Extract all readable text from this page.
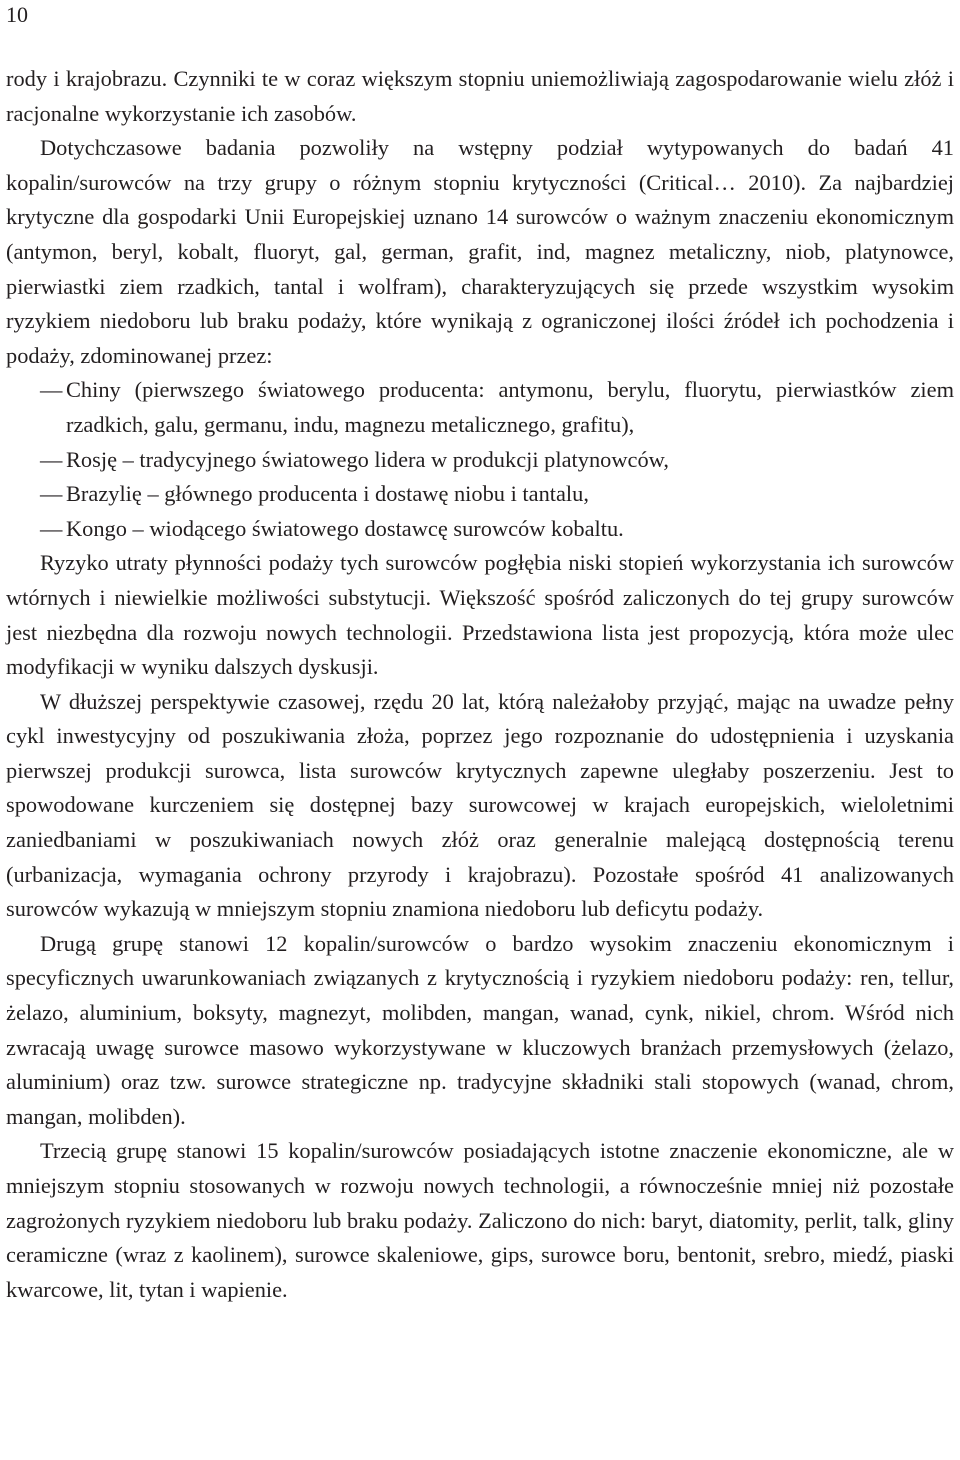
10

rody i krajobrazu. Czynniki te w coraz większym stopniu uniemożliwiają zagospodarowanie wielu złóż i racjonalne wykorzystanie ich zasobów.

Dotychczasowe badania pozwoliły na wstępny podział wytypowanych do badań 41 kopalin/surowców na trzy grupy o różnym stopniu krytyczności (Critical… 2010). Za najbardziej krytyczne dla gospodarki Unii Europejskiej uznano 14 surowców o ważnym znaczeniu ekonomicznym (antymon, beryl, kobalt, fluoryt, gal, german, grafit, ind, magnez metaliczny, niob, platynowce, pierwiastki ziem rzadkich, tantal i wolfram), charakteryzujących się przede wszystkim wysokim ryzykiem niedoboru lub braku podaży, które wynikają z ograniczonej ilości źródeł ich pochodzenia i podaży, zdominowanej przez:

— Chiny (pierwszego światowego producenta: antymonu, berylu, fluorytu, pierwiastków ziem rzadkich, galu, germanu, indu, magnezu metalicznego, grafitu),
— Rosję – tradycyjnego światowego lidera w produkcji platynowców,
— Brazylię – głównego producenta i dostawę niobu i tantalu,
— Kongo – wiodącego światowego dostawcę surowców kobaltu.

Ryzyko utraty płynności podaży tych surowców pogłębia niski stopień wykorzystania ich surowców wtórnych i niewielkie możliwości substytucji. Większość spośród zaliczonych do tej grupy surowców jest niezbędna dla rozwoju nowych technologii. Przedstawiona lista jest propozycją, która może ulec modyfikacji w wyniku dalszych dyskusji.

W dłuższej perspektywie czasowej, rzędu 20 lat, którą należałoby przyjąć, mając na uwadze pełny cykl inwestycyjny od poszukiwania złoża, poprzez jego rozpoznanie do udostępnienia i uzyskania pierwszej produkcji surowca, lista surowców krytycznych zapewne uległaby poszerzeniu. Jest to spowodowane kurczeniem się dostępnej bazy surowcowej w krajach europejskich, wieloletnimi zaniedbaniami w poszukiwaniach nowych złóż oraz generalnie malejącą dostępnością terenu (urbanizacja, wymagania ochrony przyrody i krajobrazu). Pozostałe spośród 41 analizowanych surowców wykazują w mniejszym stopniu znamiona niedoboru lub deficytu podaży.

Drugą grupę stanowi 12 kopalin/surowców o bardzo wysokim znaczeniu ekonomicznym i specyficznych uwarunkowaniach związanych z krytycznością i ryzykiem niedoboru podaży: ren, tellur, żelazo, aluminium, boksyty, magnezyt, molibden, mangan, wanad, cynk, nikiel, chrom. Wśród nich zwracają uwagę surowce masowo wykorzystywane w kluczowych branżach przemysłowych (żelazo, aluminium) oraz tzw. surowce strategiczne np. tradycyjne składniki stali stopowych (wanad, chrom, mangan, molibden).

Trzecią grupę stanowi 15 kopalin/surowców posiadających istotne znaczenie ekonomiczne, ale w mniejszym stopniu stosowanych w rozwoju nowych technologii, a równocześnie mniej niż pozostałe zagrożonych ryzykiem niedoboru lub braku podaży. Zaliczono do nich: baryt, diatomity, perlit, talk, gliny ceramiczne (wraz z kaolinem), surowce skaleniowe, gips, surowce boru, bentonit, srebro, miedź, piaski kwarcowe, lit, tytan i wapienie.
